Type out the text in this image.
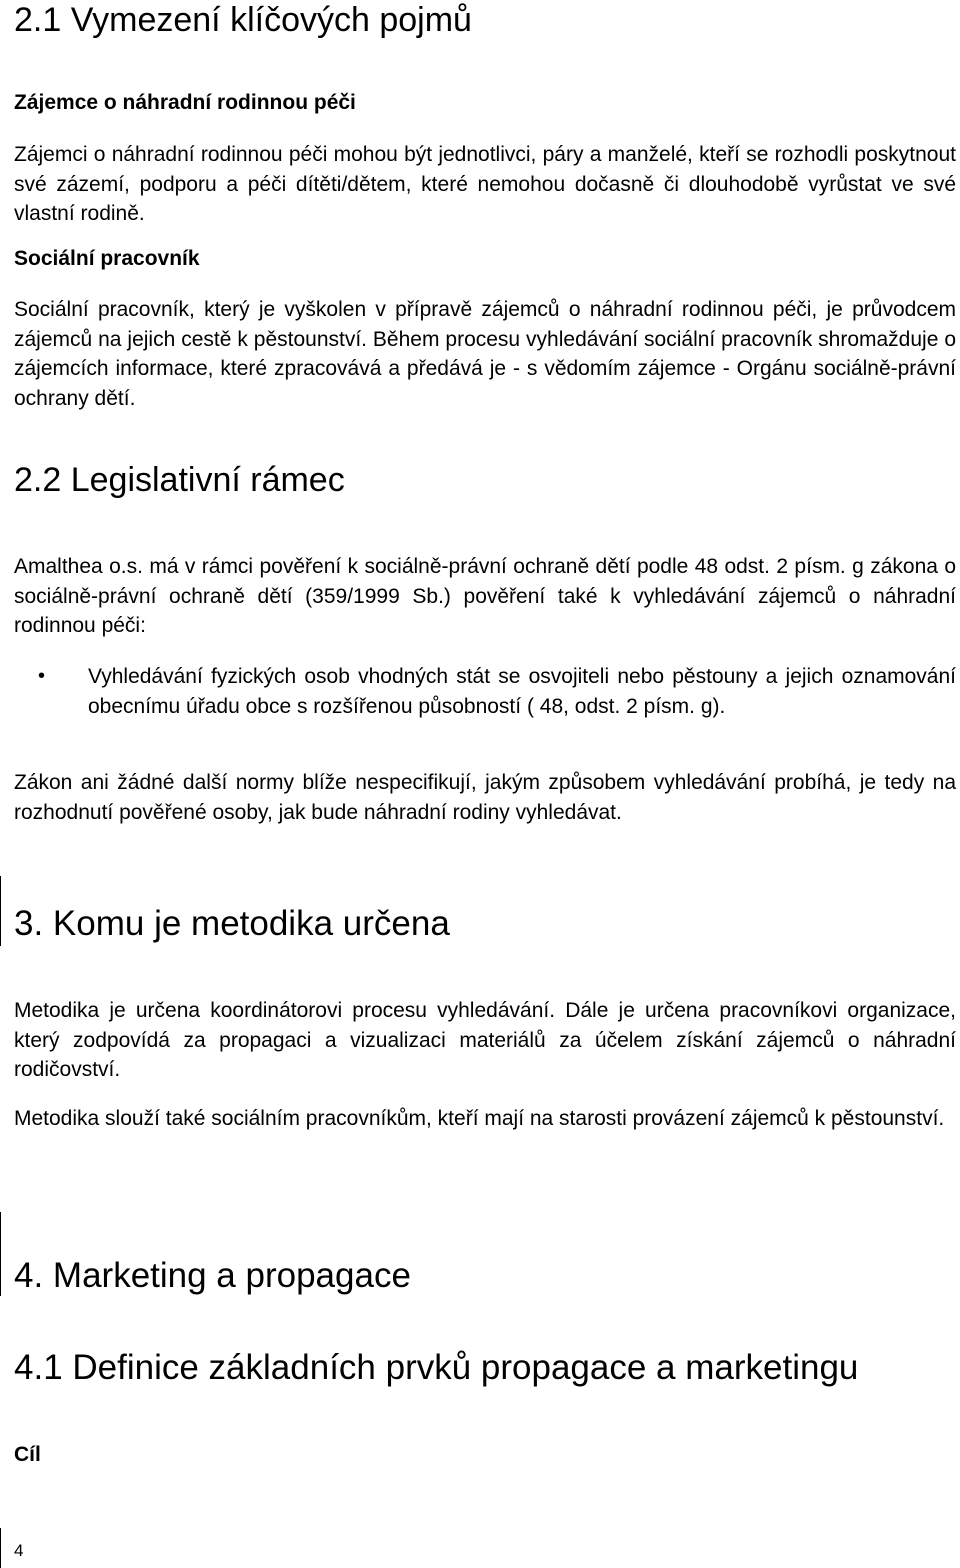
2.1 Vymezení klíčových pojmů
Zájemce o náhradní rodinnou péči
Zájemci o náhradní rodinnou péči mohou být jednotlivci, páry a manželé, kteří se rozhodli poskytnout své zázemí, podporu a péči dítěti/dětem, které nemohou dočasně či dlouhodobě vyrůstat ve své vlastní rodině.
Sociální pracovník
Sociální pracovník, který je vyškolen v přípravě zájemců o náhradní rodinnou péči, je průvodcem zájemců na jejich cestě k pěstounství. Během procesu vyhledávání sociální pracovník shromažduje o zájemcích informace, které zpracovává a předává je - s vědomím zájemce - Orgánu sociálně-právní ochrany dětí.
2.2 Legislativní rámec
Amalthea o.s. má v rámci pověření k sociálně-právní ochraně dětí podle 48 odst. 2 písm. g zákona o sociálně-právní ochraně dětí (359/1999 Sb.) pověření také k vyhledávání zájemců o náhradní rodinnou péči:
• Vyhledávání fyzických osob vhodných stát se osvojiteli nebo pěstouny a jejich oznamování obecnímu úřadu obce s rozšířenou působností ( 48, odst. 2 písm. g).
Zákon ani žádné další normy blíže nespecifikují, jakým způsobem vyhledávání probíhá, je tedy na rozhodnutí pověřené osoby, jak bude náhradní rodiny vyhledávat.
3. Komu je metodika určena
Metodika je určena koordinátorovi procesu vyhledávání. Dále je určena pracovníkovi organizace, který zodpovídá za propagaci a vizualizaci materiálů za účelem získání zájemců o náhradní rodičovství.
Metodika slouží také sociálním pracovníkům, kteří mají na starosti provázení zájemců k pěstounství.
4. Marketing a propagace
4.1 Definice základních prvků propagace a marketingu
Cíl
4
